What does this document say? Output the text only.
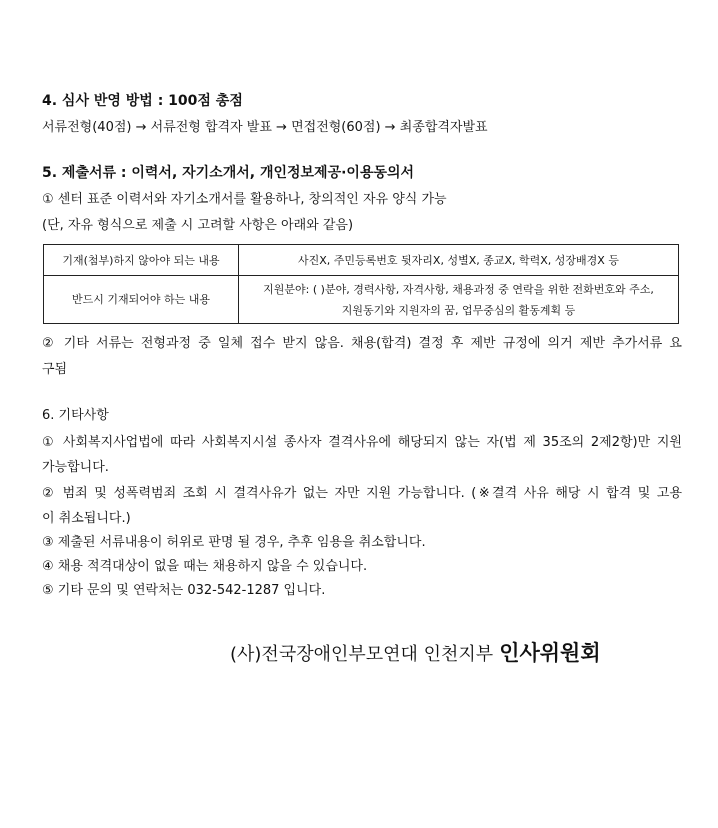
4. 심사 반영 방법 : 100점 총점
서류전형(40점) → 서류전형 합격자 발표 → 면접전형(60점) → 최종합격자발표
5. 제출서류 : 이력서, 자기소개서, 개인정보제공·이용동의서
① 센터 표준 이력서와 자기소개서를 활용하나, 창의적인 자유 양식 가능
(단, 자유 형식으로 제출 시 고려할 사항은 아래와 같음)
기재(첨부)하지 않아야 되는 내용	사진X, 주민등록번호 뒷자리X, 성별X, 종교X, 학력X, 성장배경X 등
반드시 기재되어야 하는 내용	지원분야: ( )분야, 경력사항, 자격사항, 채용과정 중 연락을 위한 전화번호와 주소,
지원동기와 지원자의 꿈, 업무중심의 활동계획 등
② 기타 서류는 전형과정 중 일체 접수 받지 않음. 채용(합격) 결정 후 제반 규정에 의거 제반 추가서류 요
구됨
6. 기타사항
① 사회복지사업법에 따라 사회복지시설 종사자 결격사유에 해당되지 않는 자(법 제 35조의 2제2항)만 지원
가능합니다.
② 범죄 및 성폭력범죄 조회 시 결격사유가 없는 자만 지원 가능합니다. (※결격 사유 해당 시 합격 및 고용
이 취소됩니다.)
③ 제출된 서류내용이 허위로 판명 될 경우, 추후 임용을 취소합니다.
④ 채용 적격대상이 없을 때는 채용하지 않을 수 있습니다.
⑤ 기타 문의 및 연락처는 032-542-1287 입니다.
(사)전국장애인부모연대 인천지부 인사위원회
